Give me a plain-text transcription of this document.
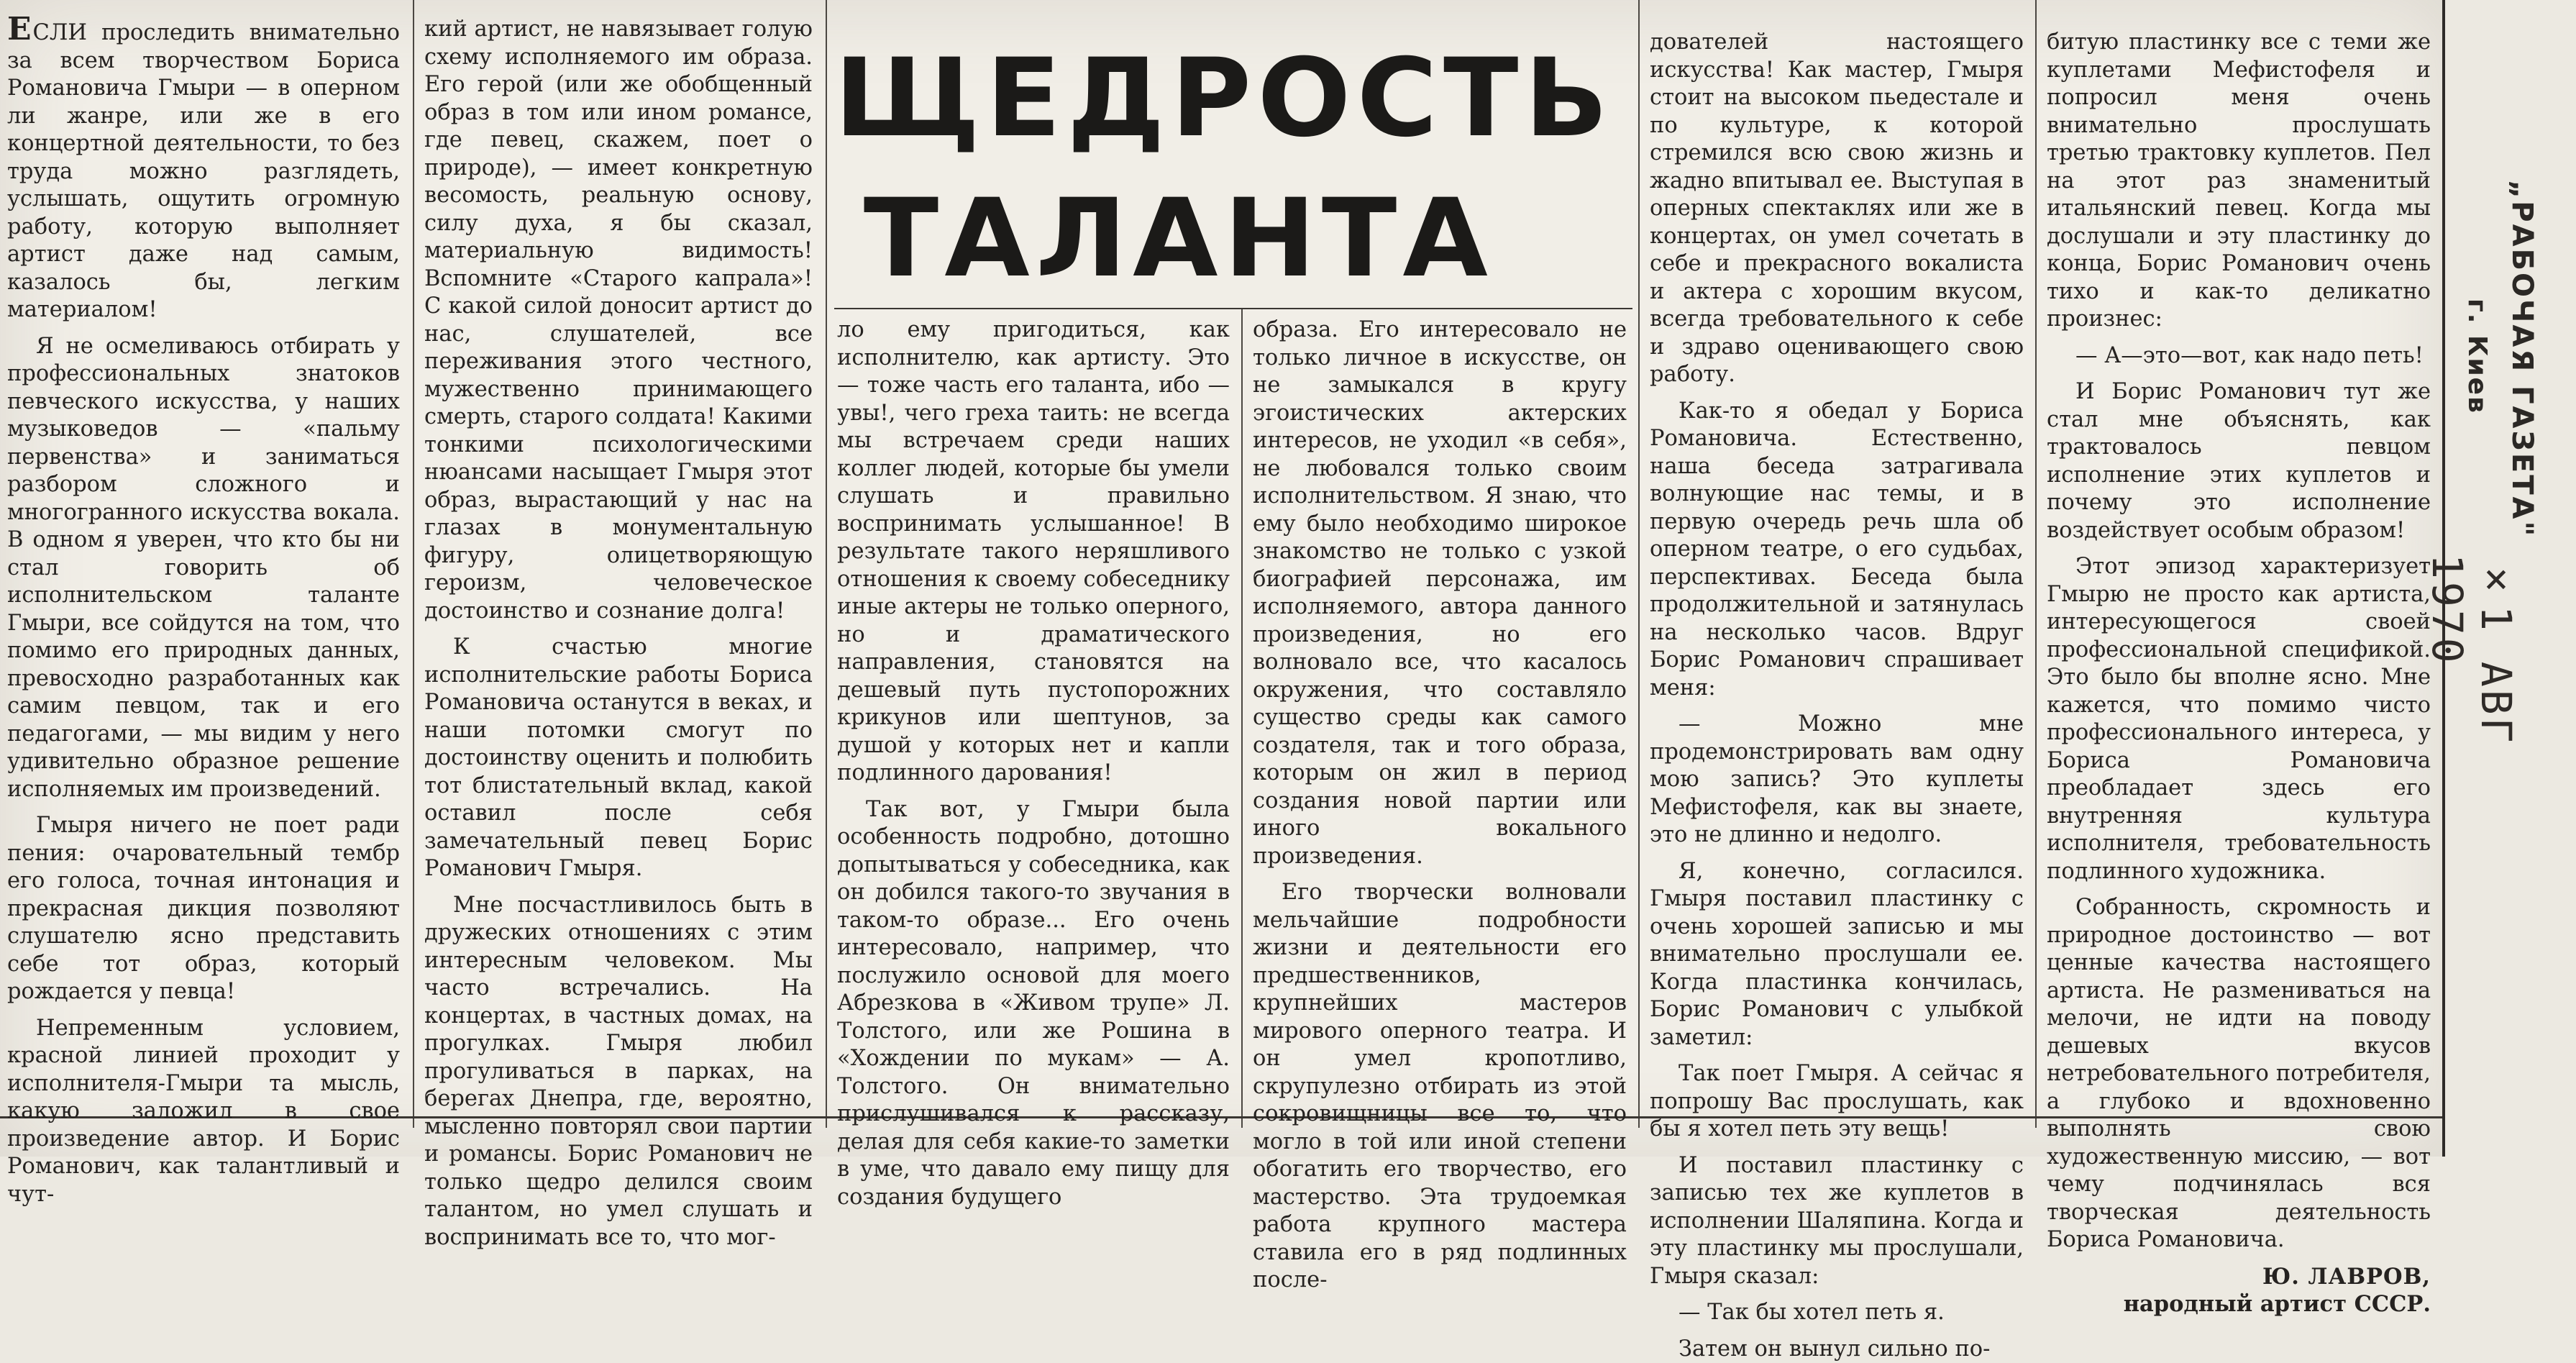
ЩЕДРОСТЬ
ТАЛАНТА

ЕСЛИ проследить внимательно за всем творчеством Бориса Романовича Гмыри — в оперном ли жанре, или же в его концертной деятельности, то без труда можно разглядеть, услышать, ощутить огромную работу, которую выполняет артист даже над самым, казалось бы, легким материалом!

Я не осмеливаюсь отбирать у профессиональных знатоков певческого искусства, у наших музыковедов — «пальму первенства» и заниматься разбором сложного и многогранного искусства вокала. В одном я уверен, что кто бы ни стал говорить об исполнительском таланте Гмыри, все сойдутся на том, что помимо его природных данных, превосходно разработанных как самим певцом, так и его педагогами, — мы видим у него удивительно образное решение исполняемых им произведений.

Гмыря ничего не поет ради пения: очаровательный тембр его голоса, точная интонация и прекрасная дикция позволяют слушателю ясно представить себе тот образ, который рождается у певца!

Непременным условием, красной линией проходит у исполнителя-Гмыри та мысль, какую заложил в свое произведение автор. И Борис Романович, как талантливый и чут-

кий артист, не навязывает голую схему исполняемого им образа. Его герой (или же обобщенный образ в том или ином романсе, где певец, скажем, поет о природе), — имеет конкретную весомость, реальную основу, силу духа, я бы сказал, материальную видимость! Вспомните «Старого капрала»! С какой силой доносит артист до нас, слушателей, все переживания этого честного, мужественно принимающего смерть, старого солдата! Какими тонкими психологическими нюансами насыщает Гмыря этот образ, вырастающий у нас на глазах в монументальную фигуру, олицетворяющую героизм, человеческое достоинство и сознание долга!

К счастью многие исполнительские работы Бориса Романовича останутся в веках, и наши потомки смогут по достоинству оценить и полюбить тот блистательный вклад, какой оставил после себя замечательный певец Борис Романович Гмыря.

Мне посчастливилось быть в дружеских отношениях с этим интересным человеком. Мы часто встречались. На концертах, в частных домах, на прогулках. Гмыря любил прогуливаться в парках, на берегах Днепра, где, вероятно, мысленно повторял свои партии и романсы. Борис Романович не только щедро делился своим талантом, но умел слушать и воспринимать все то, что мог-

ло ему пригодиться, как исполнителю, как артисту. Это — тоже часть его таланта, ибо — увы!, чего греха таить: не всегда мы встречаем среди наших коллег людей, которые бы умели слушать и правильно воспринимать услышанное! В результате такого неряшливого отношения к своему собеседнику иные актеры не только оперного, но и драматического направления, становятся на дешевый путь пустопорожних крикунов или шептунов, за душой у которых нет и капли подлинного дарования!

Так вот, у Гмыри была особенность подробно, дотошно допытываться у собеседника, как он добился такого-то звучания в таком-то образе... Его очень интересовало, например, что послужило основой для моего Абрезкова в «Живом трупе» Л. Толстого, или же Рошина в «Хождении по мукам» — А. Толстого. Он внимательно прислушивался к рассказу, делая для себя какие-то заметки в уме, что давало ему пищу для создания будущего

образа. Его интересовало не только личное в искусстве, он не замыкался в кругу эгоистических актерских интересов, не уходил «в себя», не любовался только своим исполнительством. Я знаю, что ему было необходимо широкое знакомство не только с узкой биографией персонажа, им исполняемого, автора данного произведения, но его волновало все, что касалось окружения, что составляло существо среды как самого создателя, так и того образа, которым он жил в период создания новой партии или иного вокального произведения.

Его творчески волновали мельчайшие подробности жизни и деятельности его предшественников, крупнейших мастеров мирового оперного театра. И он умел кропотливо, скрупулезно отбирать из этой сокровищницы все то, что могло в той или иной степени обогатить его творчество, его мастерство. Эта трудоемкая работа крупного мастера ставила его в ряд подлинных после-

дователей настоящего искусства! Как мастер, Гмыря стоит на высоком пьедестале и по культуре, к которой стремился всю свою жизнь и жадно впитывал ее. Выступая в оперных спектаклях или же в концертах, он умел сочетать в себе и прекрасного вокалиста и актера с хорошим вкусом, всегда требовательного к себе и здраво оценивающего свою работу.

Как-то я обедал у Бориса Романовича. Естественно, наша беседа затрагивала волнующие нас темы, и в первую очередь речь шла об оперном театре, о его судьбах, перспективах. Беседа была продолжительной и затянулась на несколько часов. Вдруг Борис Романович спрашивает меня:

— Можно мне продемонстрировать вам одну мою запись? Это куплеты Мефистофеля, как вы знаете, это не длинно и недолго.

Я, конечно, согласился. Гмыря поставил пластинку с очень хорошей записью и мы внимательно прослушали ее. Когда пластинка кончилась, Борис Романович с улыбкой заметил:

Так поет Гмыря. А сейчас я попрошу Вас прослушать, как бы я хотел петь эту вещь!

И поставил пластинку с записью тех же куплетов в исполнении Шаляпина. Когда и эту пластинку мы прослушали, Гмыря сказал:

— Так бы хотел петь я.

Затем он вынул сильно по-

битую пластинку все с теми же куплетами Мефистофеля и попросил меня очень внимательно прослушать третью трактовку куплетов. Пел на этот раз знаменитый итальянский певец. Когда мы дослушали и эту пластинку до конца, Борис Романович очень тихо и как-то деликатно произнес:

— А—это—вот, как надо петь!

И Борис Романович тут же стал мне объяснять, как трактовалось певцом исполнение этих куплетов и почему это исполнение воздействует особым образом!

Этот эпизод характеризует Гмырю не просто как артиста, интересующегося своей профессиональной спецификой. Это было бы вполне ясно. Мне кажется, что помимо чисто профессионального интереса, у Бориса Романовича преобладает здесь его внутренняя культура исполнителя, требовательность подлинного художника.

Собранность, скромность и природное достоинство — вот ценные качества настоящего артиста. Не размениваться на мелочи, не идти на поводу дешевых вкусов нетребовательного потребителя, а глубоко и вдохновенно выполнять свою художественную миссию, — вот чему подчинялась вся творческая деятельность Бориса Романовича.

Ю. ЛАВРОВ,

народный артист СССР.

„РАБОЧАЯ ГАЗЕТА"
г. Киев
×1 АВГ 1970
